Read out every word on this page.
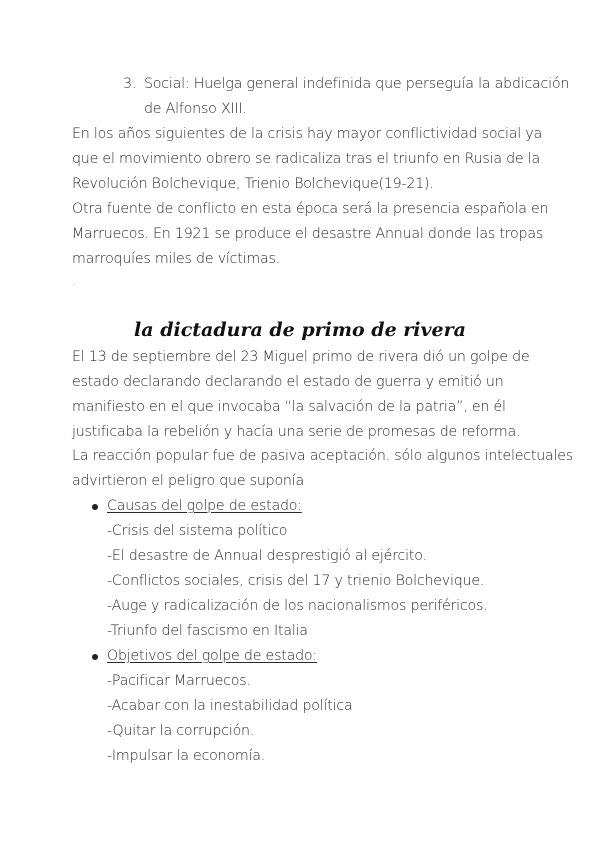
3. Social: Huelga general indefinida que perseguía la abdicación
de Alfonso XIII.
En los años siguientes de la crisis hay mayor conflictividad social ya
que el movimiento obrero se radicaliza tras el triunfo en Rusia de la
Revolución Bolchevique, Trienio Bolchevique(19-21).
Otra fuente de conflicto en esta época será la presencia española en
Marruecos. En 1921 se produce el desastre Annual donde las tropas
marroquíes miles de víctimas.
.
la dictadura de primo de rivera
El 13 de septiembre del 23 Miguel primo de rivera dió un golpe de
estado declarando declarando el estado de guerra y emitió un
manifiesto en el que invocaba “la salvación de la patria”, en él
justificaba la rebelión y hacía una serie de promesas de reforma.
La reacción popular fue de pasiva aceptación. sólo algunos intelectuales
advirtieron el peligro que suponía
Causas del golpe de estado:
-Crisis del sistema político
-El desastre de Annual desprestigió al ejército.
-Conflictos sociales, crisis del 17 y trienio Bolchevique.
-Auge y radicalización de los nacionalismos periféricos.
-Triunfo del fascismo en Italia
Objetivos del golpe de estado:
-Pacificar Marruecos.
-Acabar con la inestabilidad política
-Quitar la corrupción.
-Impulsar la economía.
